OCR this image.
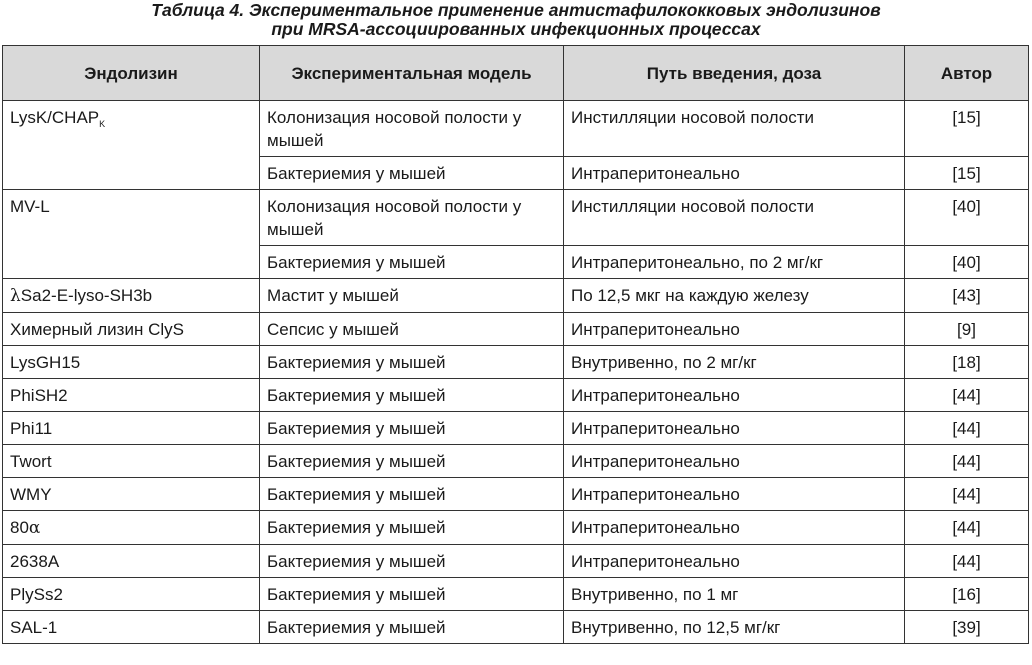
Таблица 4. Экспериментальное применение антистафилококковых эндолизинов
при MRSA-ассоциированных инфекционных процессах
Эндолизин	Экспериментальная модель	Путь введения, доза	Автор
LysK/$CHAP_K$	Колонизация носовой полости у мышей	Инстилляции носовой полости	[15]
	Бактериемия у мышей	Интраперитонеально	[15]
MV-L	Колонизация носовой полости у мышей	Инстилляции носовой полости	[40]
	Бактериемия у мышей	Интраперитонеально, по 2 мг/кг	[40]
λSa2-E-lyso-SH3b	Мастит у мышей	По 12,5 мкг на каждую железу	[43]
Химерный лизин ClyS	Сепсис у мышей	Интраперитонеально	[9]
LysGH15	Бактериемия у мышей	Внутривенно, по 2 мг/кг	[18]
PhiSH2	Бактериемия у мышей	Интраперитонеально	[44]
Phi11	Бактериемия у мышей	Интраперитонеально	[44]
Twort	Бактериемия у мышей	Интраперитонеально	[44]
WMY	Бактериемия у мышей	Интраперитонеально	[44]
80α	Бактериемия у мышей	Интраперитонеально	[44]
2638A	Бактериемия у мышей	Интраперитонеально	[44]
PlySs2	Бактериемия у мышей	Внутривенно, по 1 мг	[16]
SAL-1	Бактериемия у мышей	Внутривенно, по 12,5 мг/кг	[39]
